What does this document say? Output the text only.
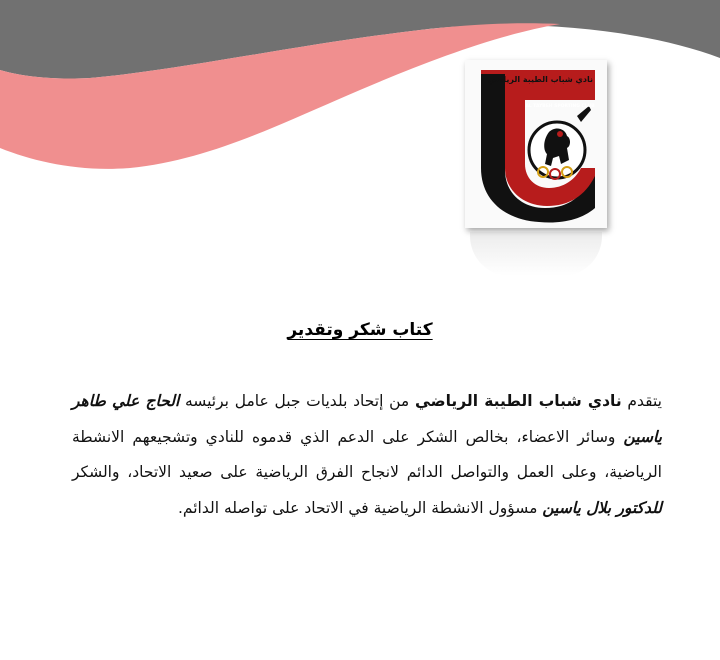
نادي شباب الطيبة الرياضي
AL TAYBEH SPORTING CLUB
كتاب شكر وتقدير
يتقدم نادي شباب الطيبة الرياضي من إتحاد بلديات جبل عامل برئيسه الحاج علي طاهر ياسين وسائر الاعضاء، بخالص الشكر على الدعم الذي قدموه للنادي وتشجيعهم الانشطة الرياضية، وعلى العمل والتواصل الدائم لانجاح الفرق الرياضية على صعيد الاتحاد، والشكر للدكتور بلال ياسين مسؤول الانشطة الرياضية في الاتحاد على تواصله الدائم.
